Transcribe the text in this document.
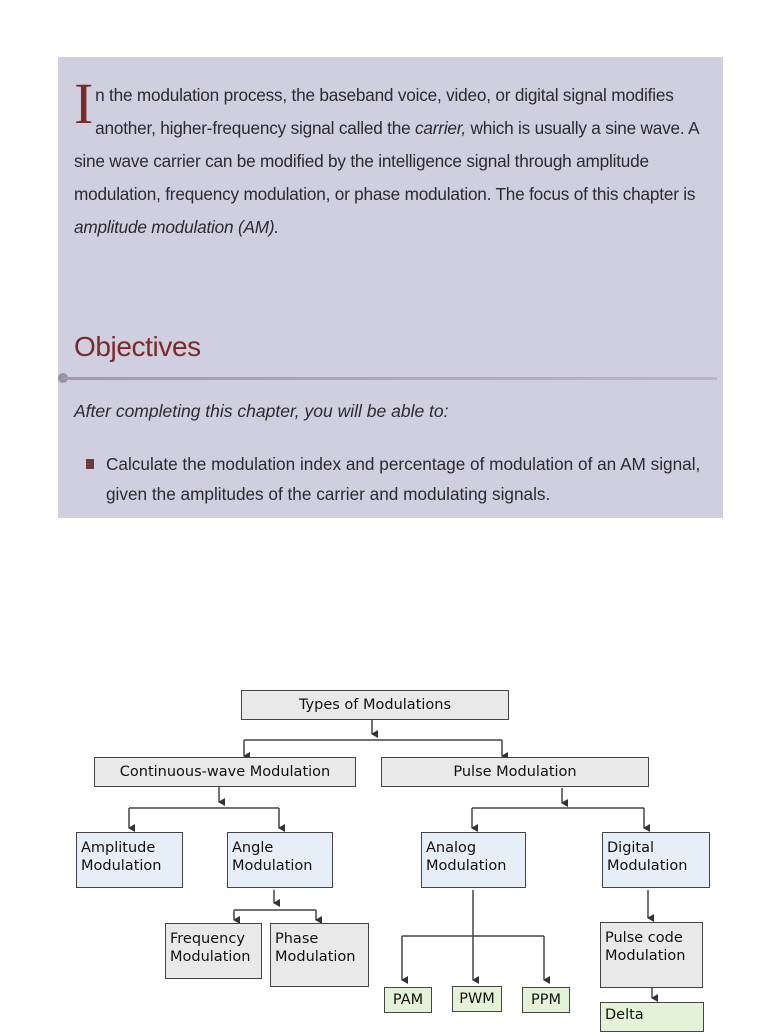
In the modulation process, the baseband voice, video, or digital signal modifies another, higher-frequency signal called the carrier, which is usually a sine wave. A sine wave carrier can be modified by the intelligence signal through amplitude modulation, frequency modulation, or phase modulation. The focus of this chapter is amplitude modulation (AM).
Objectives
After completing this chapter, you will be able to:
Calculate the modulation index and percentage of modulation of an AM signal, given the amplitudes of the carrier and modulating signals.
Types of Modulations
Continuous-wave Modulation	Pulse Modulation
Amplitude
Modulation
Angle
Modulation
Analog
Modulation
Digital
Modulation
Frequency
Modulation
Phase
Modulation
PAM	PWM	PPM
Pulse code
Modulation
Delta
